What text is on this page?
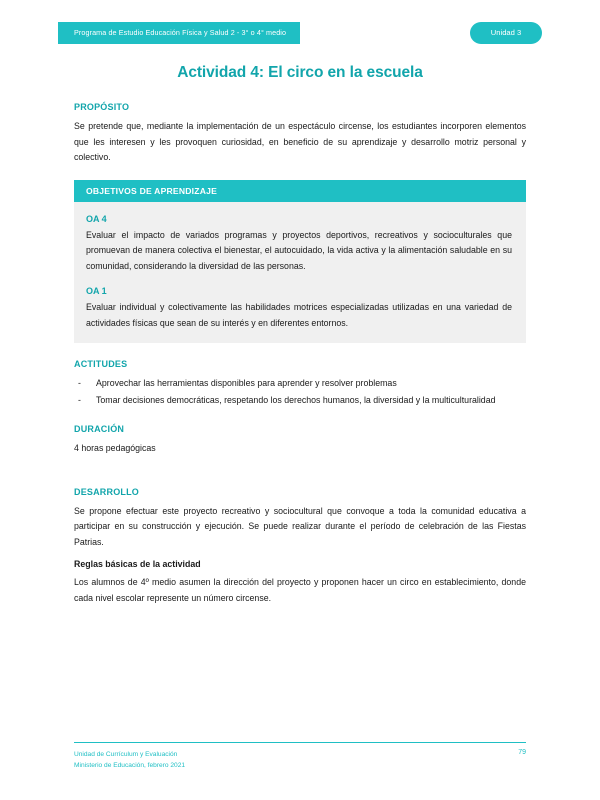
Programa de Estudio Educación Física y Salud 2 - 3° o 4° medio	Unidad 3
Actividad 4: El circo en la escuela
PROPÓSITO

Se pretende que, mediante la implementación de un espectáculo circense, los estudiantes incorporen elementos que les interesen y les provoquen curiosidad, en beneficio de su aprendizaje y desarrollo motriz personal y colectivo.

OBJETIVOS DE APRENDIZAJE
OA 4
Evaluar el impacto de variados programas y proyectos deportivos, recreativos y socioculturales que promuevan de manera colectiva el bienestar, el autocuidado, la vida activa y la alimentación saludable en su comunidad, considerando la diversidad de las personas.
OA 1
Evaluar individual y colectivamente las habilidades motrices especializadas utilizadas en una variedad de actividades físicas que sean de su interés y en diferentes entornos.
ACTITUDES
- Aprovechar las herramientas disponibles para aprender y resolver problemas
- Tomar decisiones democráticas, respetando los derechos humanos, la diversidad y la multiculturalidad
DURACIÓN
4 horas pedagógicas
DESARROLLO

Se propone efectuar este proyecto recreativo y sociocultural que convoque a toda la comunidad educativa a participar en su construcción y ejecución. Se puede realizar durante el período de celebración de las Fiestas Patrias.

Reglas básicas de la actividad

Los alumnos de 4º medio asumen la dirección del proyecto y proponen hacer un circo en establecimiento, donde cada nivel escolar represente un número circense.

Unidad de Currículum y Evaluación
Ministerio de Educación, febrero 2021
79
